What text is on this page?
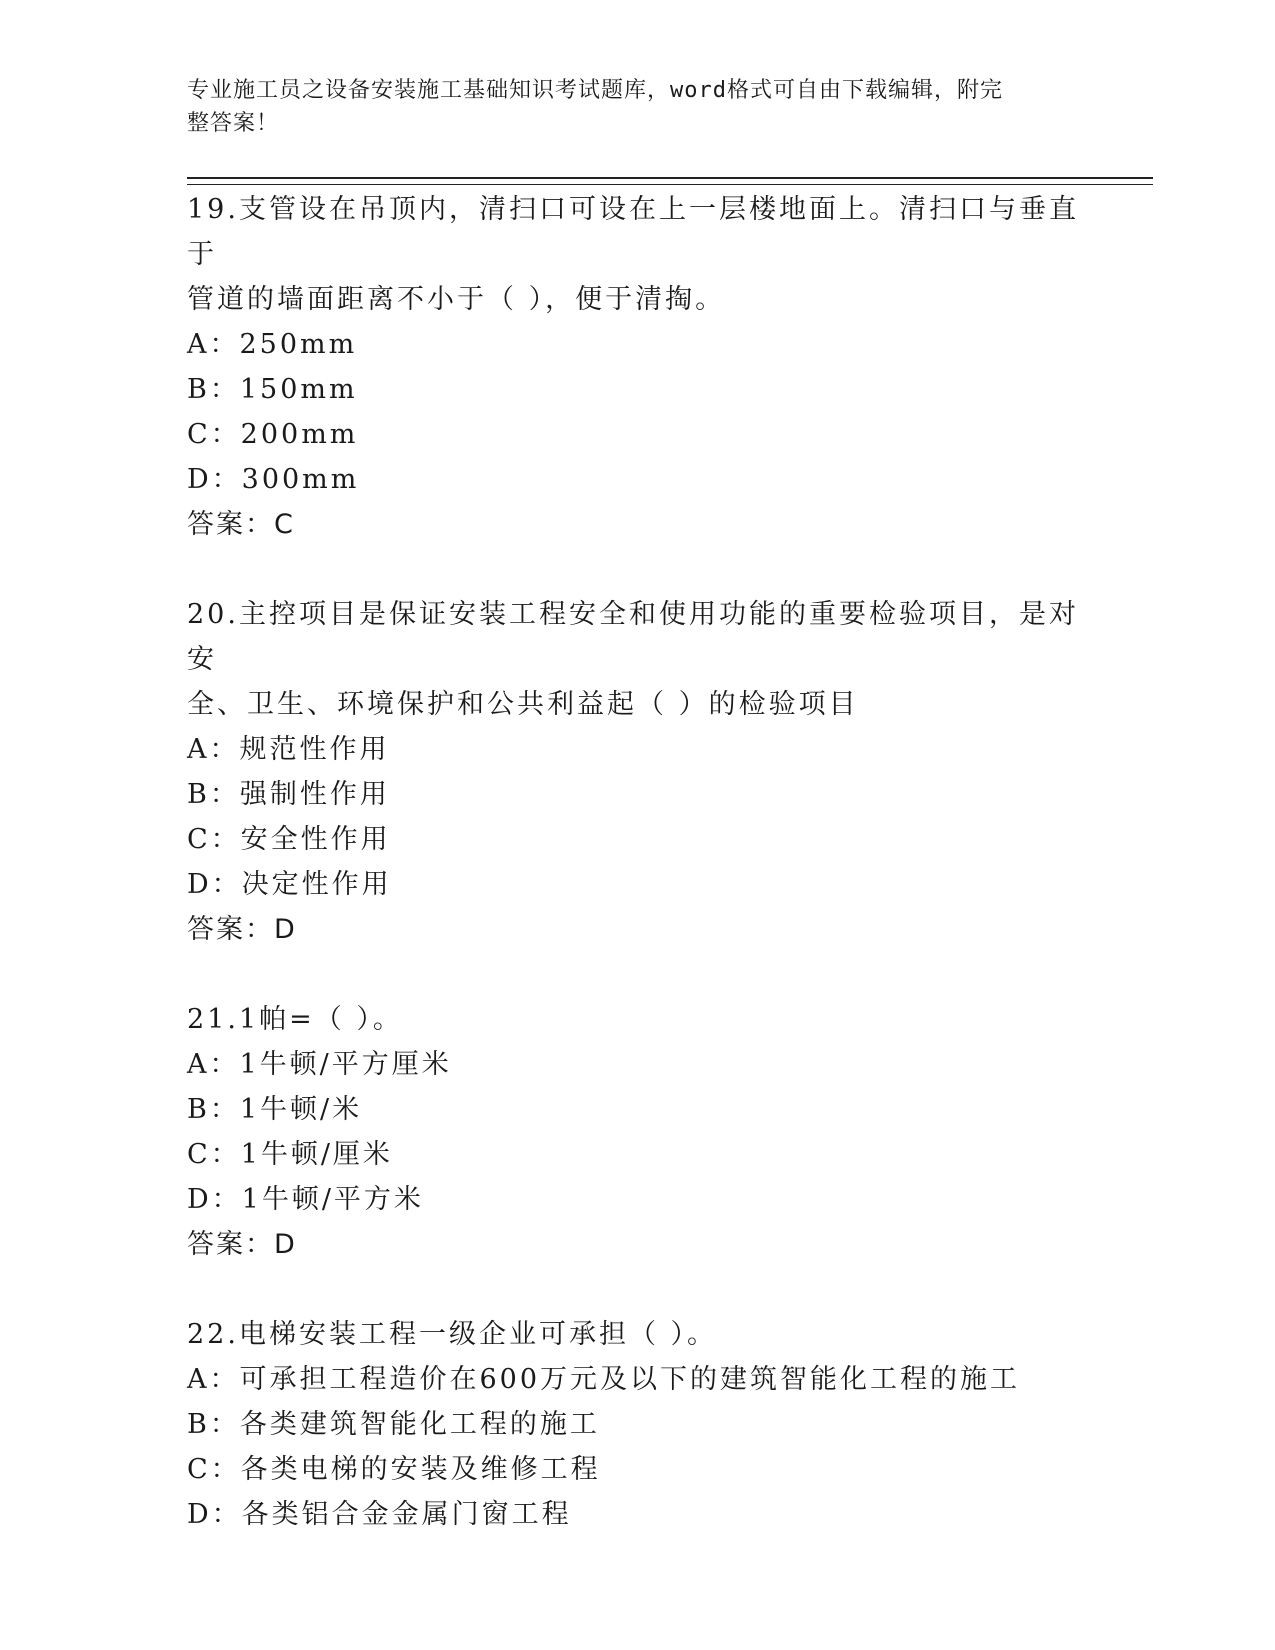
专业施工员之设备安装施工基础知识考试题库，word格式可自由下载编辑，附完
整答案！

19.支管设在吊顶内，清扫口可设在上一层楼地面上。清扫口与垂直于

管道的墙面距离不小于（ ），便于清掏。

A：250mm

B：150mm

C：200mm

D：300mm

答案：C

20.主控项目是保证安装工程安全和使用功能的重要检验项目，是对安

全、卫生、环境保护和公共利益起（ ）的检验项目

A：规范性作用

B：强制性作用

C：安全性作用

D：决定性作用

答案：D

21.1帕=（ ）。

A：1牛顿/平方厘米

B：1牛顿/米

C：1牛顿/厘米

D：1牛顿/平方米

答案：D

22.电梯安装工程一级企业可承担（ ）。

A：可承担工程造价在600万元及以下的建筑智能化工程的施工

B：各类建筑智能化工程的施工

C：各类电梯的安装及维修工程

D：各类铝合金金属门窗工程
